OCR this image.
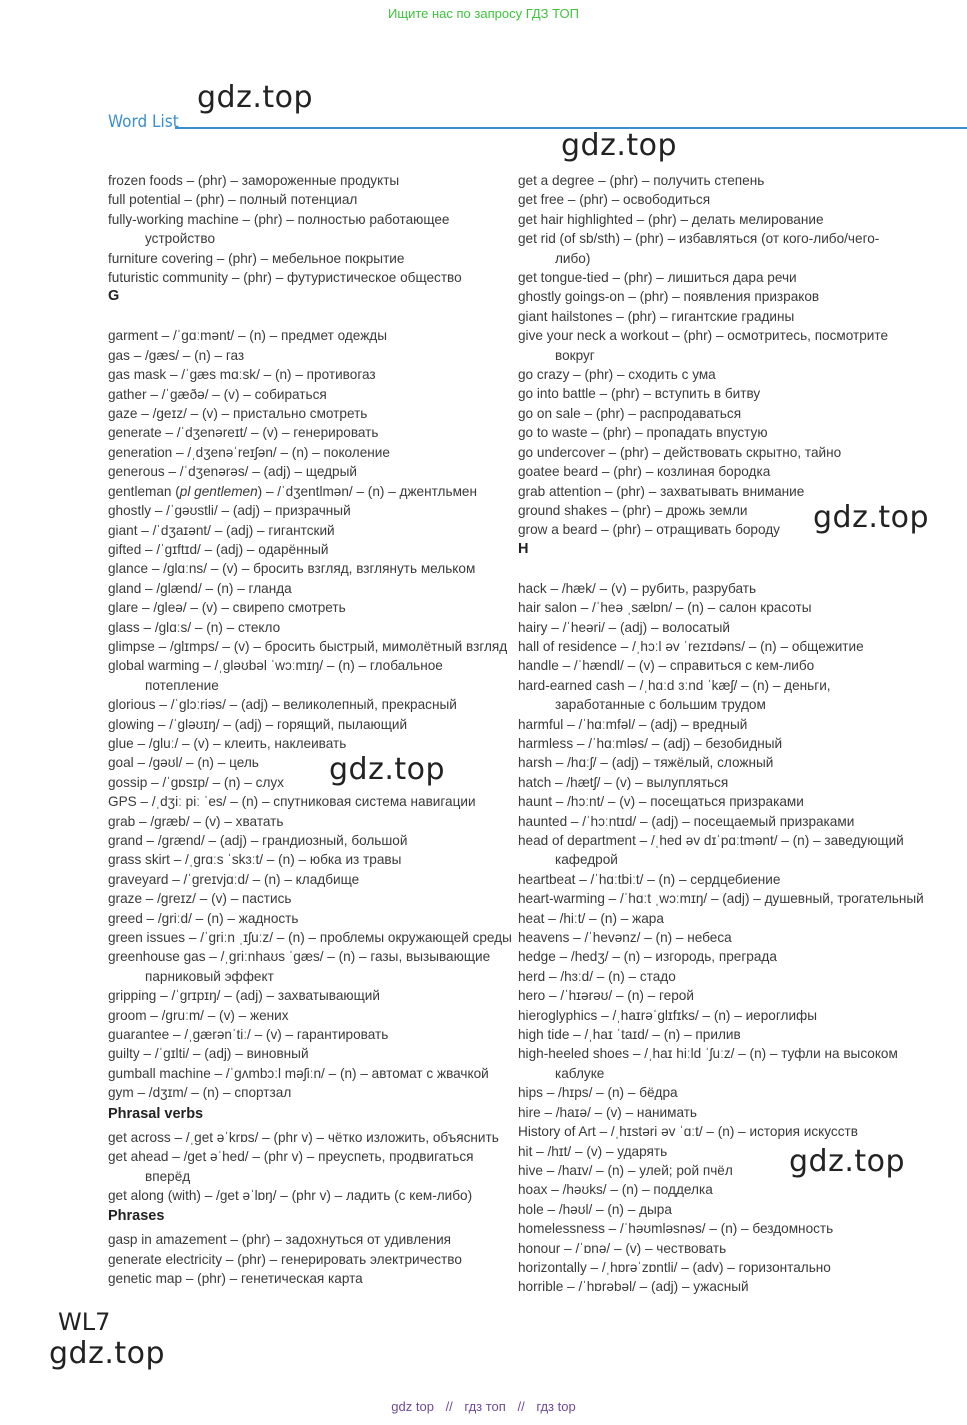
Ищите нас по запросу ГДЗ ТОП
gdz.top
gdz.top
gdz.top
gdz.top
gdz.top
gdz.top
Word List
frozen foods – (phr) – замороженные продукты
full potential – (phr) – полный потенциал
fully-working machine – (phr) – полностью работающее
устройство
furniture covering – (phr) – мебельное покрытие
futuristic community – (phr) – футуристическое общество
G
garment – /ˈɡɑːmənt/ – (n) – предмет одежды
gas – /ɡæs/ – (n) – газ
gas mask – /ˈɡæs mɑːsk/ – (n) – противогаз
gather – /ˈɡæðə/ – (v) – собираться
gaze – /ɡeɪz/ – (v) – пристально смотреть
generate – /ˈdʒenəreɪt/ – (v) – генерировать
generation – /ˌdʒenəˈreɪʃən/ – (n) – поколение
generous – /ˈdʒenərəs/ – (adj) – щедрый
gentleman (pl gentlemen) – /ˈdʒentlmən/ – (n) – джентльмен
ghostly – /ˈɡəʊstli/ – (adj) – призрачный
giant – /ˈdʒaɪənt/ – (adj) – гигантский
gifted – /ˈɡɪftɪd/ – (adj) – одарённый
glance – /ɡlɑːns/ – (v) – бросить взгляд, взглянуть мельком
gland – /ɡlænd/ – (n) – гланда
glare – /ɡleə/ – (v) – свирепо смотреть
glass – /ɡlɑːs/ – (n) – стекло
glimpse – /ɡlɪmps/ – (v) – бросить быстрый, мимолётный взгляд
global warming – /ˌɡləʊbəl ˈwɔːmɪŋ/ – (n) – глобальное
потепление
glorious – /ˈɡlɔːriəs/ – (adj) – великолепный, прекрасный
glowing – /ˈɡləʊɪŋ/ – (adj) – горящий, пылающий
glue – /ɡluː/ – (v) – клеить, наклеивать
goal – /ɡəʊl/ – (n) – цель
gossip – /ˈɡɒsɪp/ – (n) – слух
GPS – /ˌdʒiː piː ˈes/ – (n) – спутниковая система навигации
grab – /ɡræb/ – (v) – хватать
grand – /ɡrænd/ – (adj) – грандиозный, большой
grass skirt – /ˌɡrɑːs ˈskɜːt/ – (n) – юбка из травы
graveyard – /ˈɡreɪvjɑːd/ – (n) – кладбище
graze – /ɡreɪz/ – (v) – пастись
greed – /ɡriːd/ – (n) – жадность
green issues – /ˈɡriːn ˌɪʃuːz/ – (n) – проблемы окружающей среды
greenhouse gas – /ˌɡriːnhaʊs ˈɡæs/ – (n) – газы, вызывающие
парниковый эффект
gripping – /ˈɡrɪpɪŋ/ – (adj) – захватывающий
groom – /ɡruːm/ – (v) – жених
guarantee – /ˌɡærənˈtiː/ – (v) – гарантировать
guilty – /ˈɡɪlti/ – (adj) – виновный
gumball machine – /ˈɡʌmbɔːl məʃiːn/ – (n) – автомат с жвачкой
gym – /dʒɪm/ – (n) – спортзал
Phrasal verbs
get across – /ˌɡet əˈkrɒs/ – (phr v) – чётко изложить, объяснить
get ahead – /ɡet əˈhed/ – (phr v) – преуспеть, продвигаться
вперёд
get along (with) – /ɡet əˈlɒŋ/ – (phr v) – ладить (с кем-либо)
Phrases
gasp in amazement – (phr) – задохнуться от удивления
generate electricity – (phr) – генерировать электричество
genetic map – (phr) – генетическая карта
get a degree – (phr) – получить степень
get free – (phr) – освободиться
get hair highlighted – (phr) – делать мелирование
get rid (of sb/sth) – (phr) – избавляться (от кого-либо/чего-
либо)
get tongue-tied – (phr) – лишиться дара речи
ghostly goings-on – (phr) – появления призраков
giant hailstones – (phr) – гигантские градины
give your neck a workout – (phr) – осмотритесь, посмотрите
вокруг
go crazy – (phr) – сходить с ума
go into battle – (phr) – вступить в битву
go on sale – (phr) – распродаваться
go to waste – (phr) – пропадать впустую
go undercover – (phr) – действовать скрытно, тайно
goatee beard – (phr) – козлиная бородка
grab attention – (phr) – захватывать внимание
ground shakes – (phr) – дрожь земли
grow a beard – (phr) – отращивать бороду
H
hack – /hæk/ – (v) – рубить, разрубать
hair salon – /ˈheə ˌsælɒn/ – (n) – салон красоты
hairy – /ˈheəri/ – (adj) – волосатый
hall of residence – /ˌhɔːl əv ˈrezɪdəns/ – (n) – общежитие
handle – /ˈhændl/ – (v) – справиться с кем-либо
hard-earned cash – /ˌhɑːd ɜːnd ˈkæʃ/ – (n) – деньги,
заработанные с большим трудом
harmful – /ˈhɑːmfəl/ – (adj) – вредный
harmless – /ˈhɑːmləs/ – (adj) – безобидный
harsh – /hɑːʃ/ – (adj) – тяжёлый, сложный
hatch – /hætʃ/ – (v) – вылупляться
haunt – /hɔːnt/ – (v) – посещаться призраками
haunted – /ˈhɔːntɪd/ – (adj) – посещаемый призраками
head of department – /ˌhed əv dɪˈpɑːtmənt/ – (n) – заведующий
кафедрой
heartbeat – /ˈhɑːtbiːt/ – (n) – сердцебиение
heart-warming – /ˈhɑːt ˌwɔːmɪŋ/ – (adj) – душевный, трогательный
heat – /hiːt/ – (n) – жара
heavens – /ˈhevənz/ – (n) – небеса
hedge – /hedʒ/ – (n) – изгородь, преграда
herd – /hɜːd/ – (n) – стадо
hero – /ˈhɪərəʊ/ – (n) – герой
hieroglyphics – /ˌhaɪrəˈɡlɪfɪks/ – (n) – иероглифы
high tide – /ˌhaɪ ˈtaɪd/ – (n) – прилив
high-heeled shoes – /ˌhaɪ hiːld ˈʃuːz/ – (n) – туфли на высоком
каблуке
hips – /hɪps/ – (n) – бёдра
hire – /haɪə/ – (v) – нанимать
History of Art – /ˌhɪstəri əv ˈɑːt/ – (n) – история искусств
hit – /hɪt/ – (v) – ударять
hive – /haɪv/ – (n) – улей; рой пчёл
hoax – /həʊks/ – (n) – подделка
hole – /həʊl/ – (n) – дыра
homelessness – /ˈhəʊmləsnəs/ – (n) – бездомность
honour – /ˈɒnə/ – (v) – чествовать
horizontally – /ˌhɒrəˈzɒntli/ – (adv) – горизонтально
horrible – /ˈhɒrəbəl/ – (adj) – ужасный
WL7
gdz top // гдз топ // гдз top
